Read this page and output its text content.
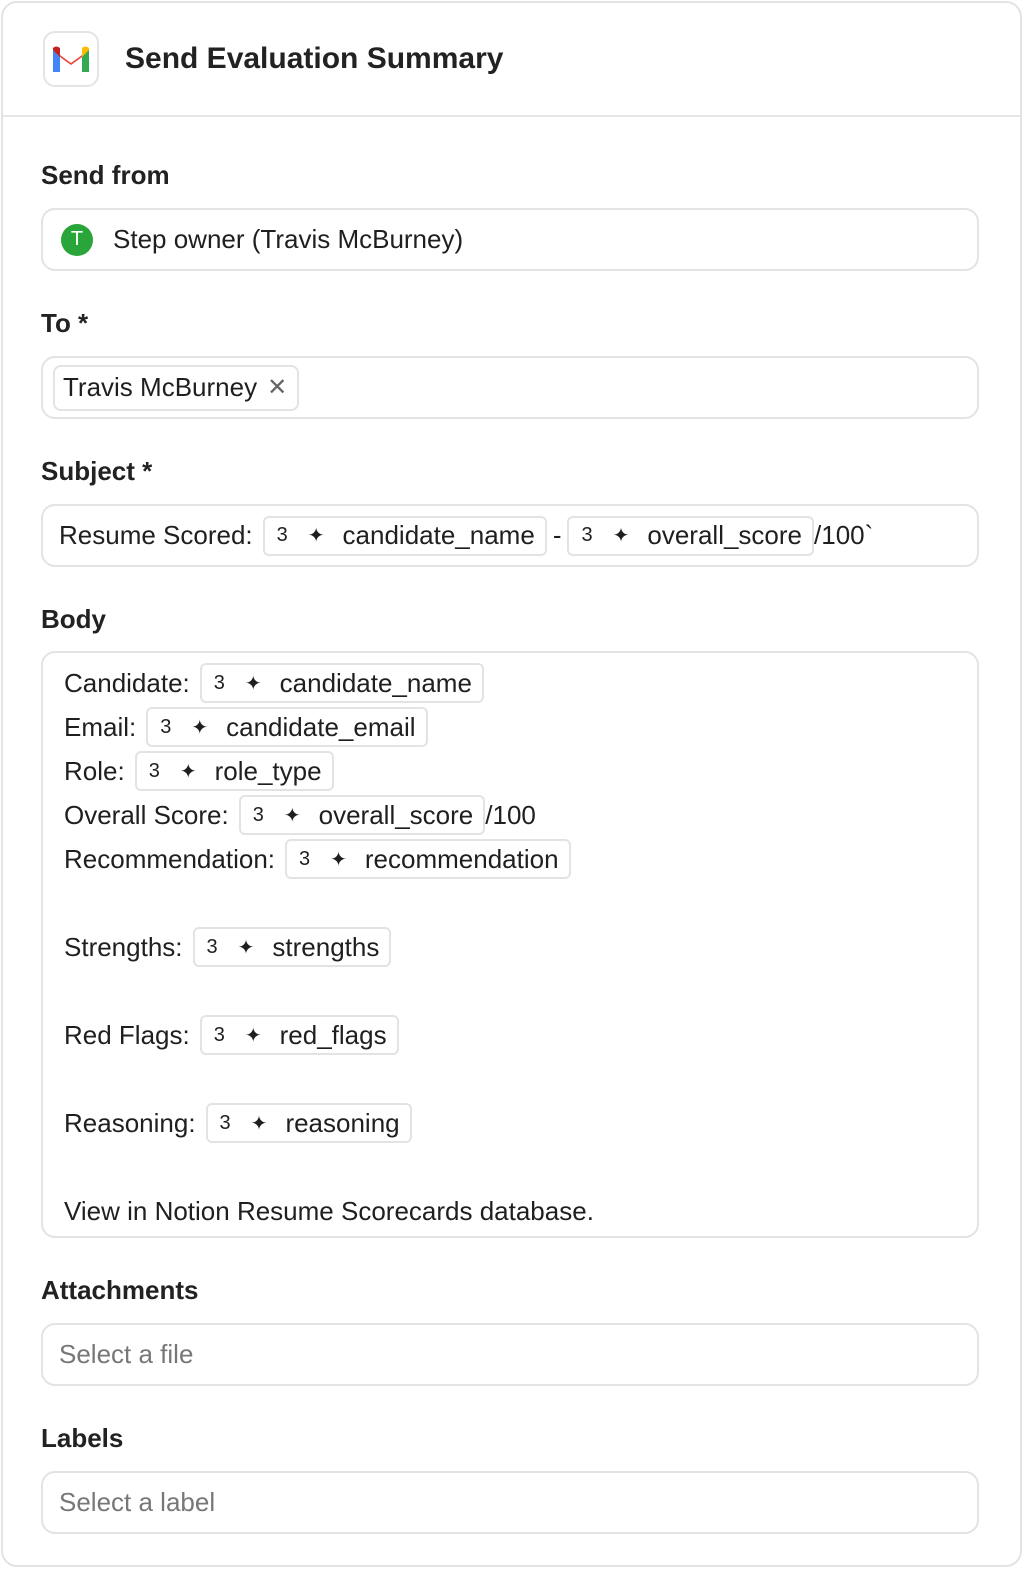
Send Evaluation Summary
Send from
T	Step owner (Travis McBurney)
To *
Travis McBurney ✕
Subject *
Resume Scored: 3 ✦ candidate_name - 3 ✦ overall_score /100`
Body
Candidate: 3 ✦ candidate_name
Email: 3 ✦ candidate_email
Role: 3 ✦ role_type
Overall Score: 3 ✦ overall_score /100
Recommendation: 3 ✦ recommendation
Strengths: 3 ✦ strengths
Red Flags: 3 ✦ red_flags
Reasoning: 3 ✦ reasoning
View in Notion Resume Scorecards database.
Attachments
Select a file
Labels
Select a label
